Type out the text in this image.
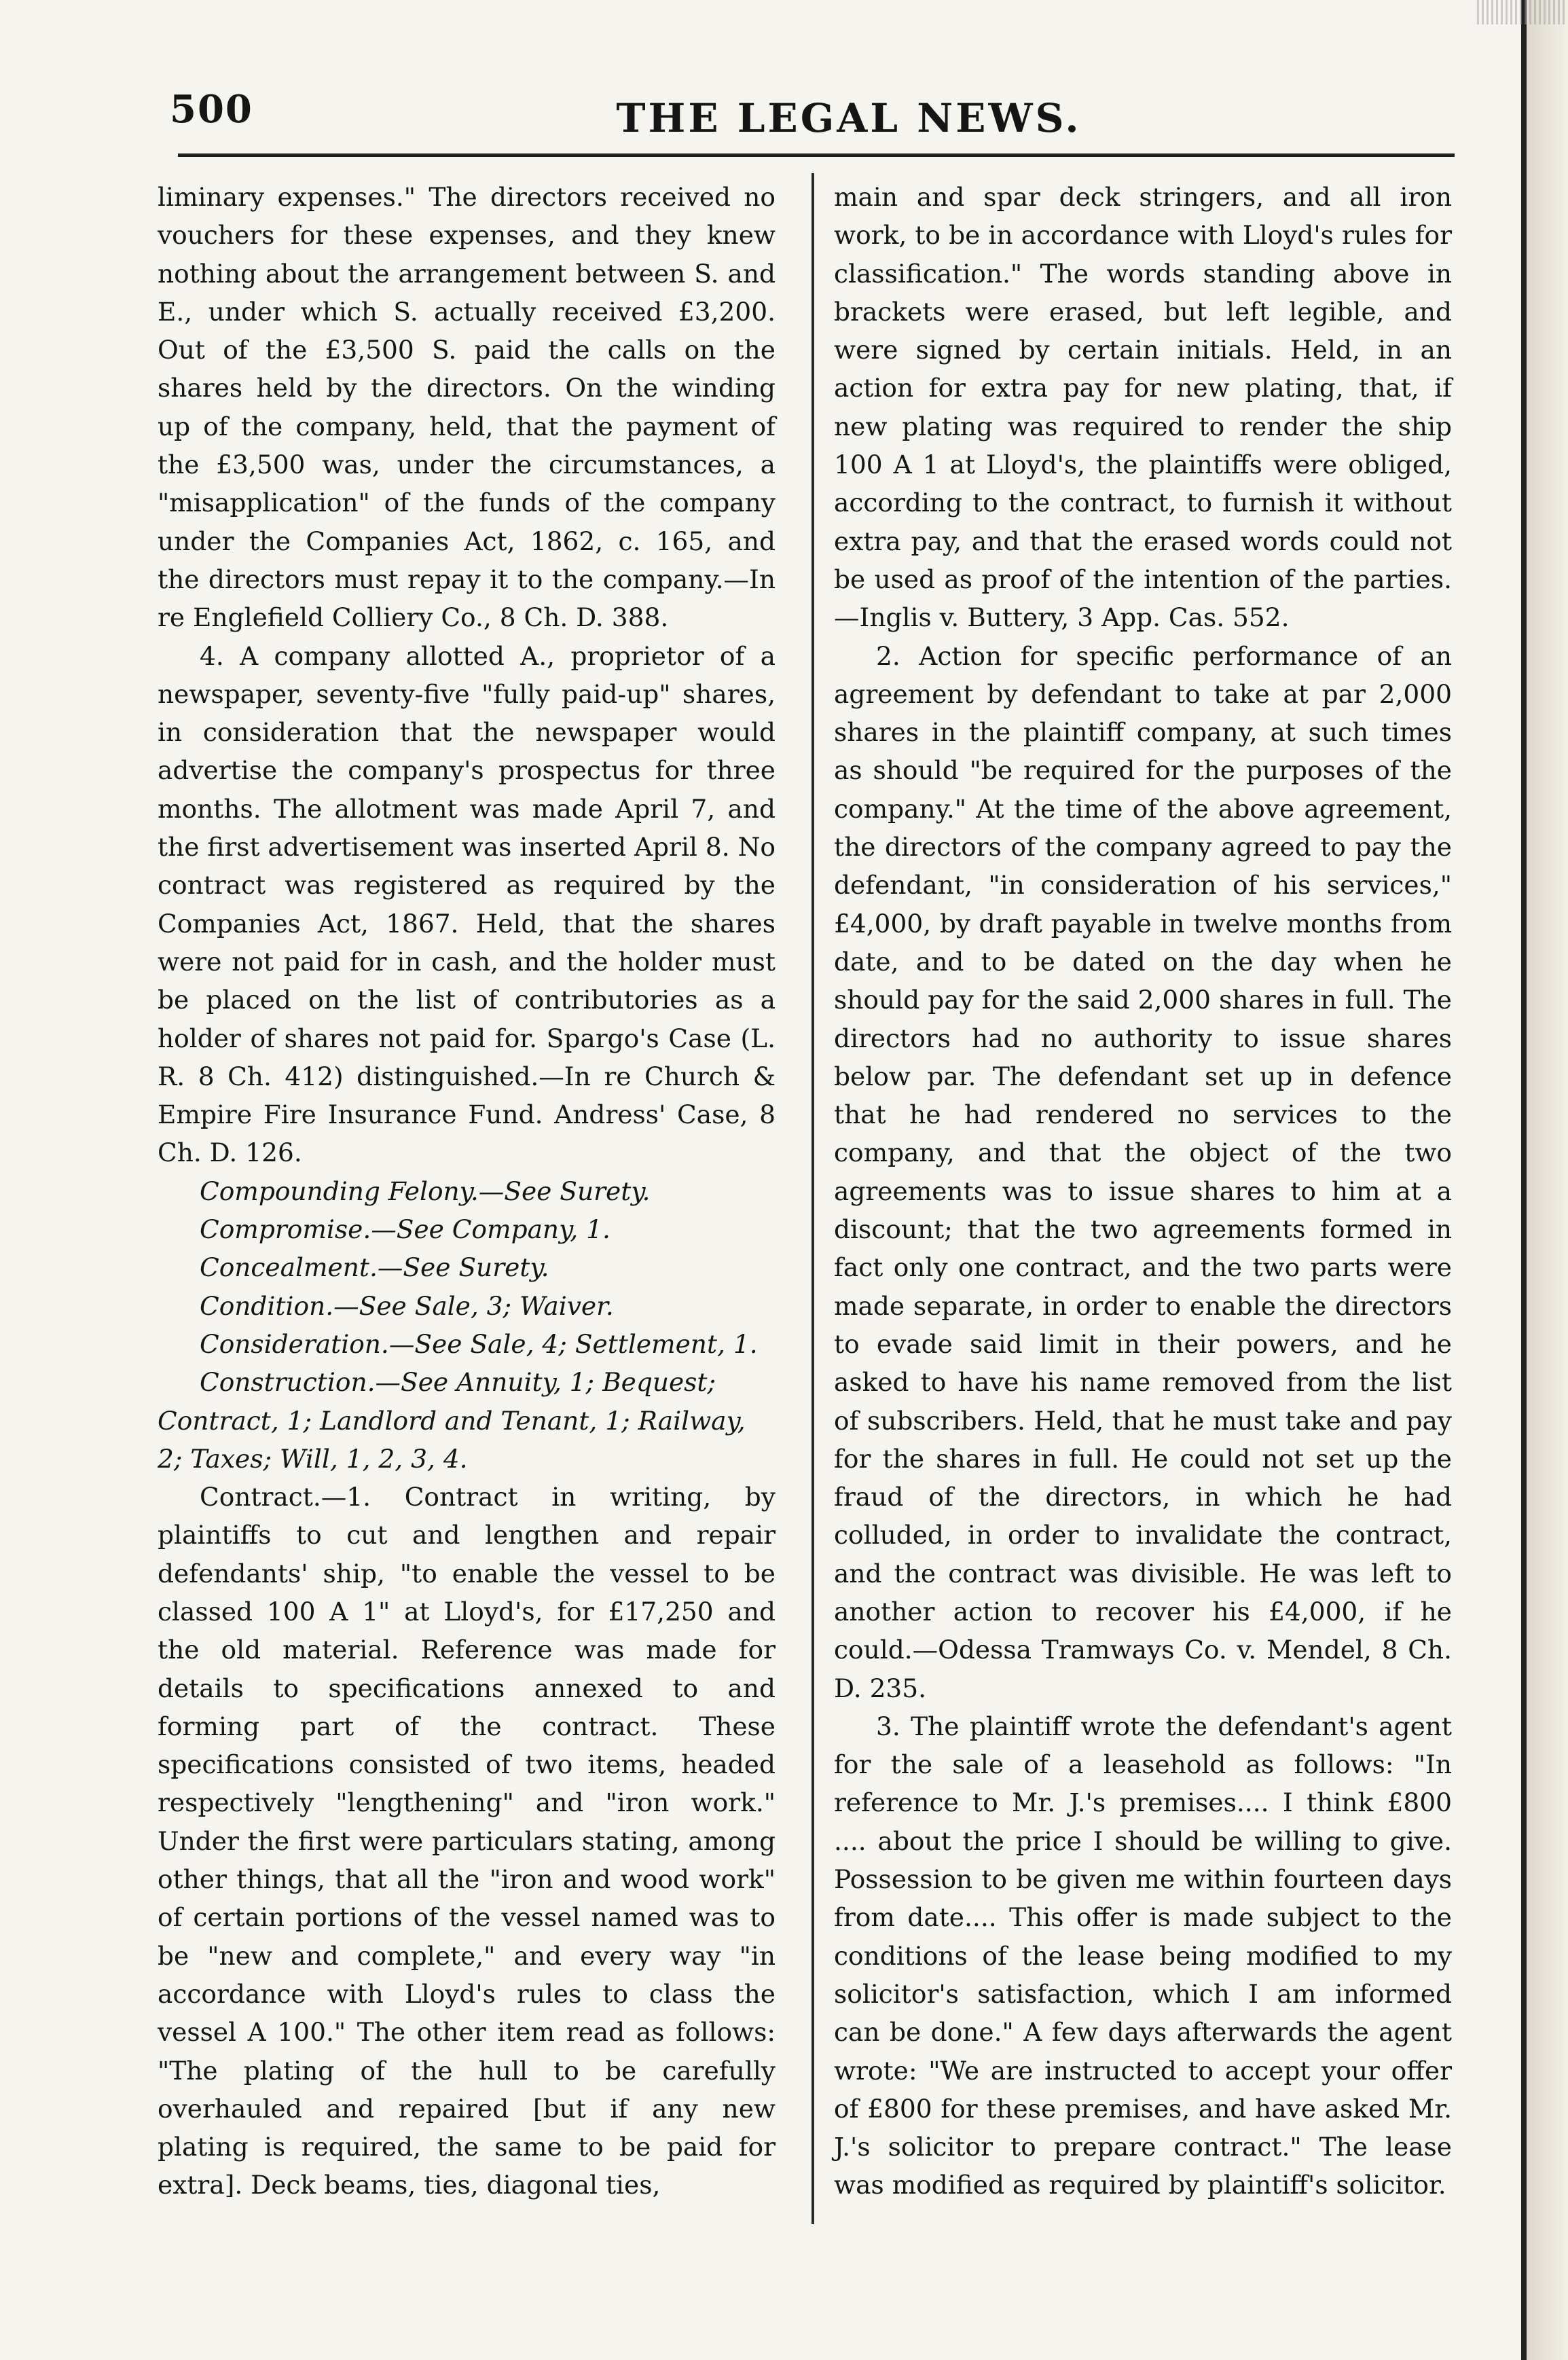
500	THE LEGAL NEWS.

liminary expenses." The directors received no vouchers for these expenses, and they knew nothing about the arrangement between S. and E., under which S. actually received £3,200. Out of the £3,500 S. paid the calls on the shares held by the directors. On the winding up of the company, held, that the payment of the £3,500 was, under the circumstances, a "misapplication" of the funds of the company under the Companies Act, 1862, c. 165, and the directors must repay it to the company.—In re Englefield Colliery Co., 8 Ch. D. 388.

4. A company allotted A., proprietor of a newspaper, seventy-five "fully paid-up" shares, in consideration that the newspaper would advertise the company's prospectus for three months. The allotment was made April 7, and the first advertisement was inserted April 8. No contract was registered as required by the Companies Act, 1867. Held, that the shares were not paid for in cash, and the holder must be placed on the list of contributories as a holder of shares not paid for. Spargo's Case (L. R. 8 Ch. 412) distinguished.—In re Church & Empire Fire Insurance Fund. Andress' Case, 8 Ch. D. 126.

Compounding Felony.—See Surety.

Compromise.—See Company, 1.

Concealment.—See Surety.

Condition.—See Sale, 3; Waiver.

Consideration.—See Sale, 4; Settlement, 1.

Construction.—See Annuity, 1; Bequest; Contract, 1; Landlord and Tenant, 1; Railway, 2; Taxes; Will, 1, 2, 3, 4.

Contract.—1. Contract in writing, by plaintiffs to cut and lengthen and repair defendants' ship, "to enable the vessel to be classed 100 A 1" at Lloyd's, for £17,250 and the old material. Reference was made for details to specifications annexed to and forming part of the contract. These specifications consisted of two items, headed respectively "lengthening" and "iron work." Under the first were particulars stating, among other things, that all the "iron and wood work" of certain portions of the vessel named was to be "new and complete," and every way "in accordance with Lloyd's rules to class the vessel A 100." The other item read as follows: "The plating of the hull to be carefully overhauled and repaired [but if any new plating is required, the same to be paid for extra]. Deck beams, ties, diagonal ties,

main and spar deck stringers, and all iron work, to be in accordance with Lloyd's rules for classification." The words standing above in brackets were erased, but left legible, and were signed by certain initials. Held, in an action for extra pay for new plating, that, if new plating was required to render the ship 100 A 1 at Lloyd's, the plaintiffs were obliged, according to the contract, to furnish it without extra pay, and that the erased words could not be used as proof of the intention of the parties.—Inglis v. Buttery, 3 App. Cas. 552.

2. Action for specific performance of an agreement by defendant to take at par 2,000 shares in the plaintiff company, at such times as should "be required for the purposes of the company." At the time of the above agreement, the directors of the company agreed to pay the defendant, "in consideration of his services," £4,000, by draft payable in twelve months from date, and to be dated on the day when he should pay for the said 2,000 shares in full. The directors had no authority to issue shares below par. The defendant set up in defence that he had rendered no services to the company, and that the object of the two agreements was to issue shares to him at a discount; that the two agreements formed in fact only one contract, and the two parts were made separate, in order to enable the directors to evade said limit in their powers, and he asked to have his name removed from the list of subscribers. Held, that he must take and pay for the shares in full. He could not set up the fraud of the directors, in which he had colluded, in order to invalidate the contract, and the contract was divisible. He was left to another action to recover his £4,000, if he could.—Odessa Tramways Co. v. Mendel, 8 Ch. D. 235.

3. The plaintiff wrote the defendant's agent for the sale of a leasehold as follows: "In reference to Mr. J.'s premises.... I think £800 .... about the price I should be willing to give. Possession to be given me within fourteen days from date.... This offer is made subject to the conditions of the lease being modified to my solicitor's satisfaction, which I am informed can be done." A few days afterwards the agent wrote: "We are instructed to accept your offer of £800 for these premises, and have asked Mr. J.'s solicitor to prepare contract." The lease was modified as required by plaintiff's solicitor.
